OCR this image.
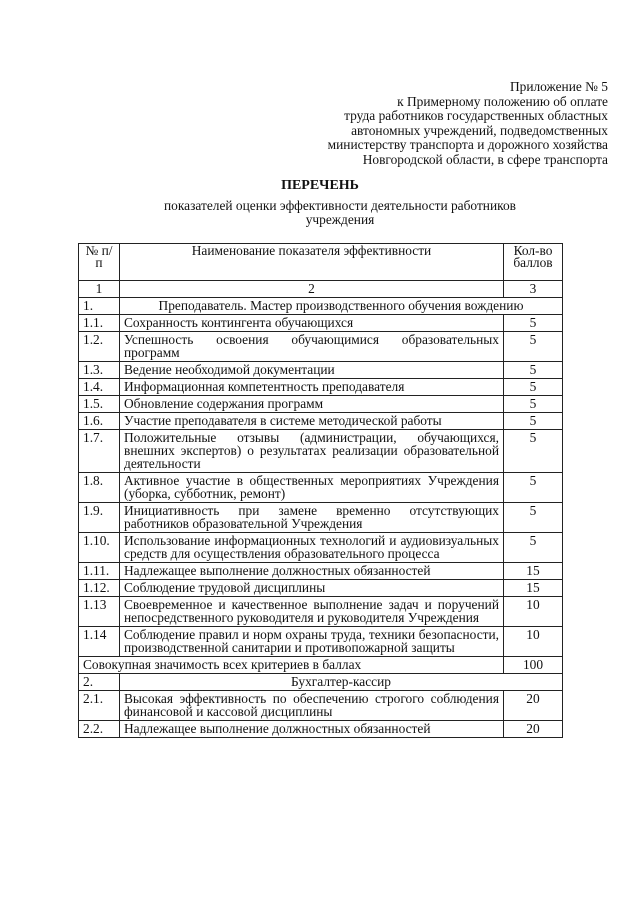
Приложение № 5
к Примерному положению об оплате
труда работников государственных областных
автономных учреждений, подведомственных
министерству транспорта и дорожного хозяйства
Новгородской области, в сфере транспорта
ПЕРЕЧЕНЬ
показателей оценки эффективности деятельности работников учреждения
№ п/п	Наименование показателя эффективности	Кол-во баллов
1	2	3
1.	Преподаватель. Мастер производственного обучения вождению	
1.1.	Сохранность контингента обучающихся	5
1.2.	Успешность освоения обучающимися образовательных программ	5
1.3.	Ведение необходимой документации	5
1.4.	Информационная компетентность преподавателя	5
1.5.	Обновление содержания программ	5
1.6.	Участие преподавателя в системе методической работы	5
1.7.	Положительные отзывы (администрации, обучающихся, внешних экспертов) о результатах реализации образовательной деятельности	5
1.8.	Активное участие в общественных мероприятиях Учреждения (уборка, субботник, ремонт)	5
1.9.	Инициативность при замене временно отсутствующих работников образовательной Учреждения	5
1.10.	Использование информационных технологий и аудиовизуальных средств для осуществления образовательного процесса	5
1.11.	Надлежащее выполнение должностных обязанностей	15
1.12.	Соблюдение трудовой дисциплины	15
1.13	Своевременное и качественное выполнение задач и поручений непосредственного руководителя и руководителя Учреждения	10
1.14	Соблюдение правил и норм охраны труда, техники безопасности, производственной санитарии и противопожарной защиты	10
Совокупная значимость всех критериев в баллах		100
2.	Бухгалтер-кассир	
2.1.	Высокая эффективность по обеспечению строгого соблюдения финансовой и кассовой дисциплины	20
2.2.	Надлежащее выполнение должностных обязанностей	20
